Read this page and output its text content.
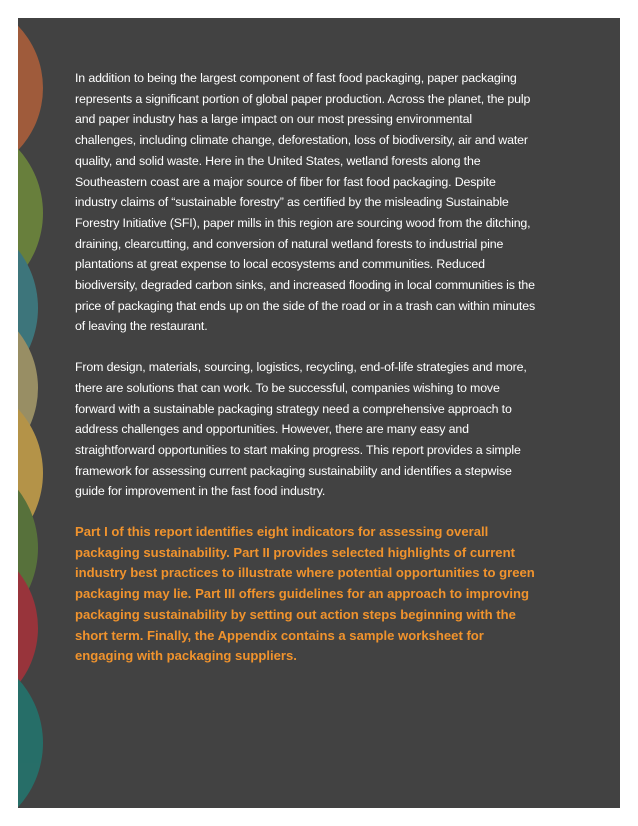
In addition to being the largest component of fast food packaging, paper packaging represents a significant portion of global paper production. Across the planet, the pulp and paper industry has a large impact on our most pressing environmental challenges, including climate change, deforestation, loss of biodiversity, air and water quality, and solid waste. Here in the United States, wetland forests along the Southeastern coast are a major source of fiber for fast food packaging. Despite industry claims of “sustainable forestry” as certified by the misleading Sustainable Forestry Initiative (SFI), paper mills in this region are sourcing wood from the ditching, draining, clearcutting, and conversion of natural wetland forests to industrial pine plantations at great expense to local ecosystems and communities. Reduced biodiversity, degraded carbon sinks, and increased flooding in local communities is the price of packaging that ends up on the side of the road or in a trash can within minutes of leaving the restaurant.

From design, materials, sourcing, logistics, recycling, end-of-life strategies and more, there are solutions that can work. To be successful, companies wishing to move forward with a sustainable packaging strategy need a comprehensive approach to address challenges and opportunities. However, there are many easy and straightforward opportunities to start making progress. This report provides a simple framework for assessing current packaging sustainability and identifies a stepwise guide for improvement in the fast food industry.

Part I of this report identifies eight indicators for assessing overall packaging sustainability. Part II provides selected highlights of current industry best practices to illustrate where potential opportunities to green packaging may lie. Part III offers guidelines for an approach to improving packaging sustainability by setting out action steps beginning with the short term. Finally, the Appendix contains a sample worksheet for engaging with packaging suppliers.
